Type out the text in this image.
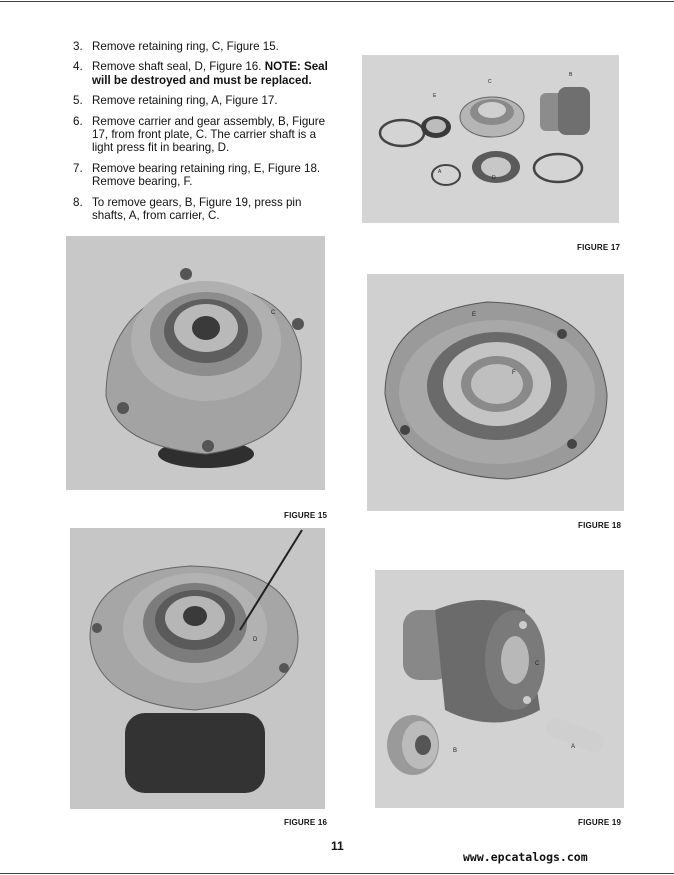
3. Remove retaining ring, C, Figure 15.
4. Remove shaft seal, D, Figure 16. NOTE: Seal will be destroyed and must be replaced.
5. Remove retaining ring, A, Figure 17.
6. Remove carrier and gear assembly, B, Figure 17, from front plate, C. The carrier shaft is a light press fit in bearing, D.
7. Remove bearing retaining ring, E, Figure 18. Remove bearing, F.
8. To remove gears, B, Figure 19, press pin shafts, A, from carrier, C.
C
B
E
A
D
FIGURE 17
C
FIGURE 15
E
F
FIGURE 18
D
FIGURE 16
C
B
A
FIGURE 19
11
www.epcatalogs.com
